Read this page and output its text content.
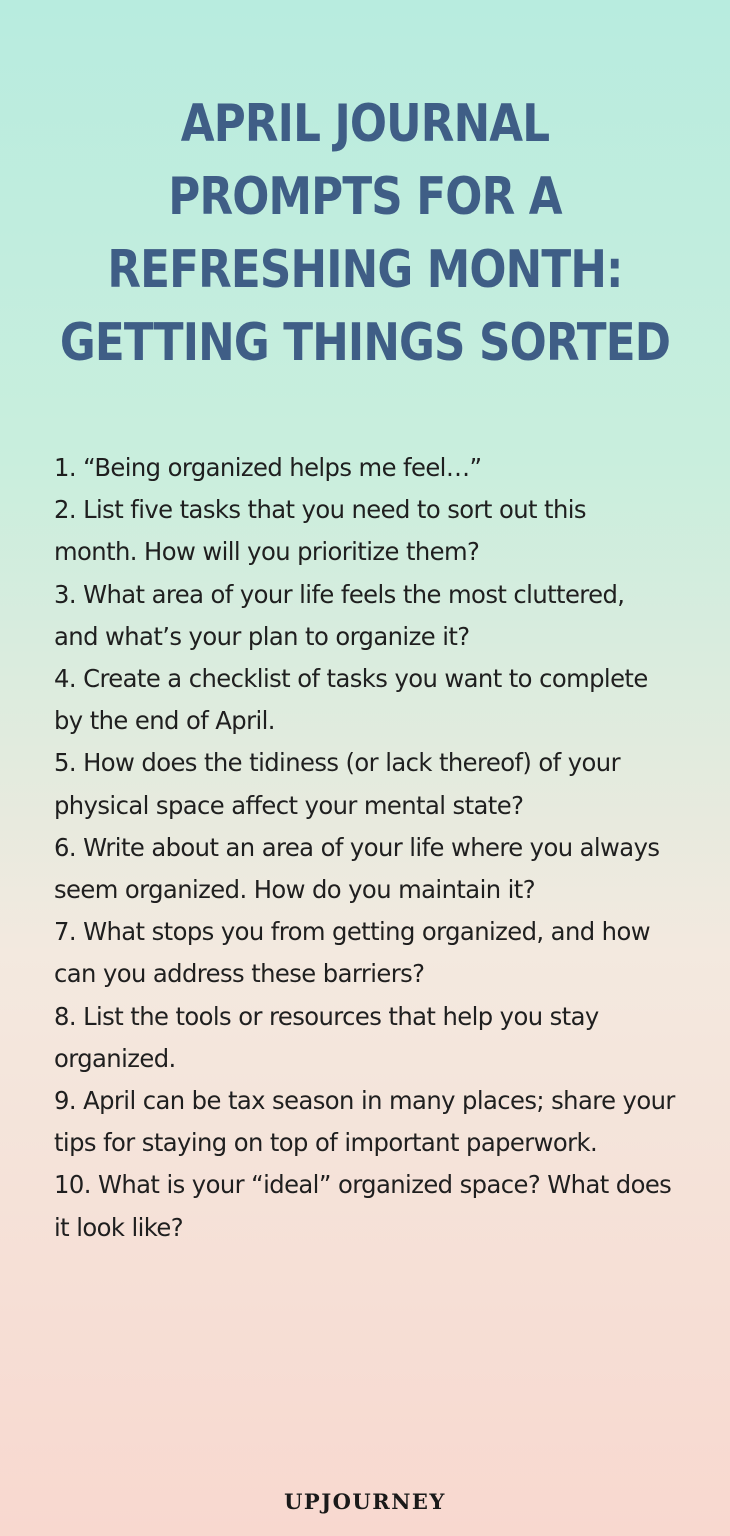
APRIL JOURNAL
PROMPTS FOR A
REFRESHING MONTH:
GETTING THINGS SORTED
1. “Being organized helps me feel…”
2. List five tasks that you need to sort out this month. How will you prioritize them?
3. What area of your life feels the most cluttered, and what’s your plan to organize it?
4. Create a checklist of tasks you want to complete by the end of April.
5. How does the tidiness (or lack thereof) of your physical space affect your mental state?
6. Write about an area of your life where you always seem organized. How do you maintain it?
7. What stops you from getting organized, and how can you address these barriers?
8. List the tools or resources that help you stay organized.
9. April can be tax season in many places; share your tips for staying on top of important paperwork.
10. What is your “ideal” organized space? What does it look like?
UPJOURNEY
